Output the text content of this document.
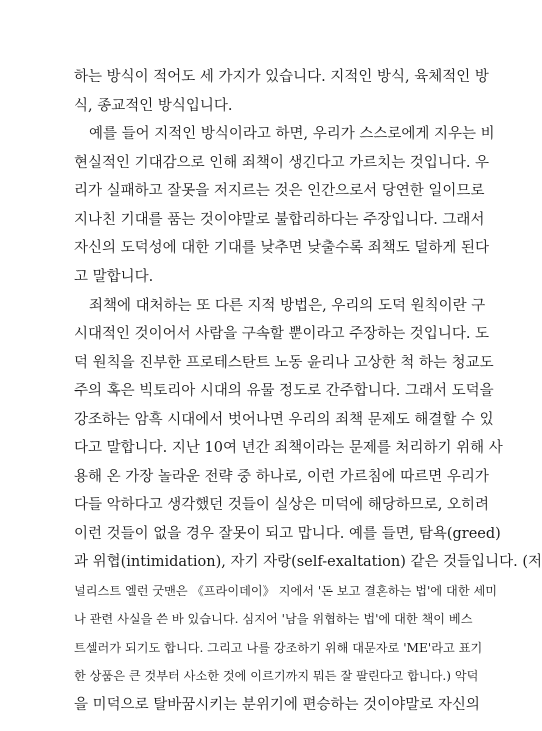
하는 방식이 적어도 세 가지가 있습니다. 지적인 방식, 육체적인 방
식, 종교적인 방식입니다.
예를 들어 지적인 방식이라고 하면, 우리가 스스로에게 지우는 비
현실적인 기대감으로 인해 죄책이 생긴다고 가르치는 것입니다. 우
리가 실패하고 잘못을 저지르는 것은 인간으로서 당연한 일이므로
지나친 기대를 품는 것이야말로 불합리하다는 주장입니다. 그래서
자신의 도덕성에 대한 기대를 낮추면 낮출수록 죄책도 덜하게 된다
고 말합니다.
죄책에 대처하는 또 다른 지적 방법은, 우리의 도덕 원칙이란 구
시대적인 것이어서 사람을 구속할 뿐이라고 주장하는 것입니다. 도
덕 원칙을 진부한 프로테스탄트 노동 윤리나 고상한 척 하는 청교도
주의 혹은 빅토리아 시대의 유물 정도로 간주합니다. 그래서 도덕을
강조하는 암흑 시대에서 벗어나면 우리의 죄책 문제도 해결할 수 있
다고 말합니다. 지난 10여 년간 죄책이라는 문제를 처리하기 위해 사
용해 온 가장 놀라운 전략 중 하나로, 이런 가르침에 따르면 우리가
다들 악하다고 생각했던 것들이 실상은 미덕에 해당하므로, 오히려
이런 것들이 없을 경우 잘못이 되고 맙니다. 예를 들면, 탐욕(greed)
과 위협(intimidation), 자기 자랑(self-exaltation) 같은 것들입니다. (저
널리스트 엘런 굿맨은 《프라이데이》 지에서 '돈 보고 결혼하는 법'에 대한 세미
나 관련 사실을 쓴 바 있습니다. 심지어 '남을 위협하는 법'에 대한 책이 베스
트셀러가 되기도 합니다. 그리고 나를 강조하기 위해 대문자로 'ME'라고 표기
한 상품은 큰 것부터 사소한 것에 이르기까지 뭐든 잘 팔린다고 합니다.) 악덕
을 미덕으로 탈바꿈시키는 분위기에 편승하는 것이야말로 자신의
